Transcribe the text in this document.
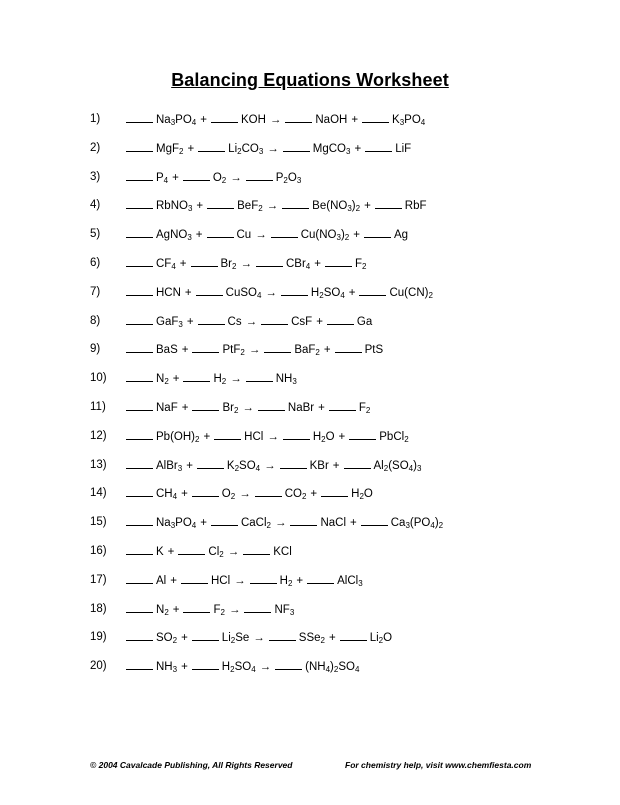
Balancing Equations Worksheet
1)	$Na_3PO_4$ +	KOH →	NaOH +	$K_3PO_4$
2)	MgF$_2$ +	$Li_2CO_3$ →	MgCO$_3$ +	LiF
3)	$P_4$ +	$O_2$ →	$P_2O_3$
4)	RbNO$_3$ +	BeF$_2$ →	$Be(NO_3)_2$ +	RbF
5)	AgNO$_3$ +	Cu →	$Cu(NO_3)_2$ +	Ag
6)	$CF_4$ +	$Br_2$ →	CBr$_4$ +	$F_2$
7)	HCN +	CuSO$_4$ →	$H_2SO_4$ +	$Cu(CN)_2$
8)	GaF$_3$ +	Cs →	CsF +	Ga
9)	BaS +	PtF$_2$ →	BaF$_2$ +	PtS
10)	$N_2$ +	$H_2$ →	$NH_3$
11)	NaF +	$Br_2$ →	NaBr +	$F_2$
12)	$Pb(OH)_2$ +	HCl →	$H_2O$ +	PbCl$_2$
13)	AlBr$_3$ +	$K_2SO_4$ →	KBr +	$Al_2(SO_4)_3$
14)	$CH_4$ +	$O_2$ →	$CO_2$ +	$H_2O$
15)	$Na_3PO_4$ +	CaCl$_2$ →	NaCl +	$Ca_3(PO_4)_2$
16)	K +	$Cl_2$ →	KCl
17)	Al +	HCl →	$H_2$ +	AlCl$_3$
18)	$N_2$ +	$F_2$ →	$NF_3$
19)	$SO_2$ +	$Li_2Se$ →	SSe$_2$ +	$Li_2O$
20)	$NH_3$ +	$H_2SO_4$ →	$(NH_4)_2SO_4$
© 2004 Cavalcade Publishing, All Rights Reserved	For chemistry help, visit www.chemfiesta.com
